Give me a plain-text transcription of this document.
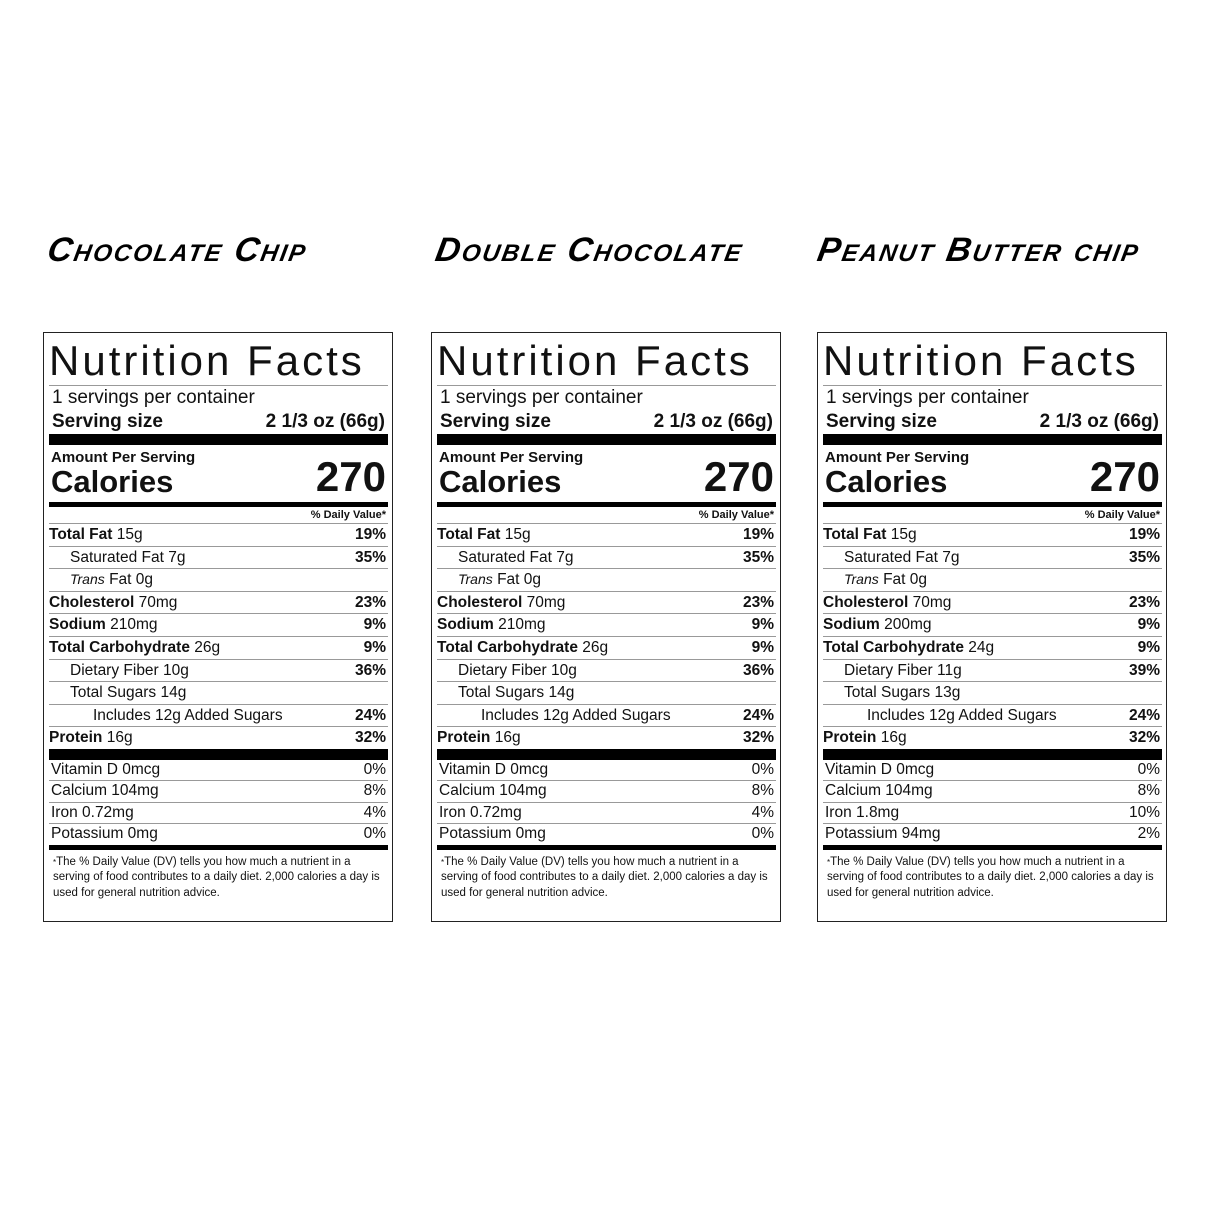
Chocolate Chip
Nutrition Facts
1 servings per container
Serving size	2 1/3 oz (66g)
Amount Per Serving
Calories	270
% Daily Value*
Total Fat 15g	19%
Saturated Fat 7g	35%
Trans Fat 0g
Cholesterol 70mg	23%
Sodium 210mg	9%
Total Carbohydrate 26g	9%
Dietary Fiber 10g	36%
Total Sugars 14g
Includes 12g Added Sugars	24%
Protein 16g	32%
Vitamin D 0mcg	0%
Calcium 104mg	8%
Iron 0.72mg	4%
Potassium 0mg	0%
*The % Daily Value (DV) tells you how much a nutrient in a serving of food contributes to a daily diet. 2,000 calories a day is used for general nutrition advice.
Double Chocolate
Nutrition Facts
1 servings per container
Serving size	2 1/3 oz (66g)
Amount Per Serving
Calories	270
% Daily Value*
Total Fat 15g	19%
Saturated Fat 7g	35%
Trans Fat 0g
Cholesterol 70mg	23%
Sodium 210mg	9%
Total Carbohydrate 26g	9%
Dietary Fiber 10g	36%
Total Sugars 14g
Includes 12g Added Sugars	24%
Protein 16g	32%
Vitamin D 0mcg	0%
Calcium 104mg	8%
Iron 0.72mg	4%
Potassium 0mg	0%
*The % Daily Value (DV) tells you how much a nutrient in a serving of food contributes to a daily diet. 2,000 calories a day is used for general nutrition advice.
Peanut Butter chip
Nutrition Facts
1 servings per container
Serving size	2 1/3 oz (66g)
Amount Per Serving
Calories	270
% Daily Value*
Total Fat 15g	19%
Saturated Fat 7g	35%
Trans Fat 0g
Cholesterol 70mg	23%
Sodium 200mg	9%
Total Carbohydrate 24g	9%
Dietary Fiber 11g	39%
Total Sugars 13g
Includes 12g Added Sugars	24%
Protein 16g	32%
Vitamin D 0mcg	0%
Calcium 104mg	8%
Iron 1.8mg	10%
Potassium 94mg	2%
*The % Daily Value (DV) tells you how much a nutrient in a serving of food contributes to a daily diet. 2,000 calories a day is used for general nutrition advice.
